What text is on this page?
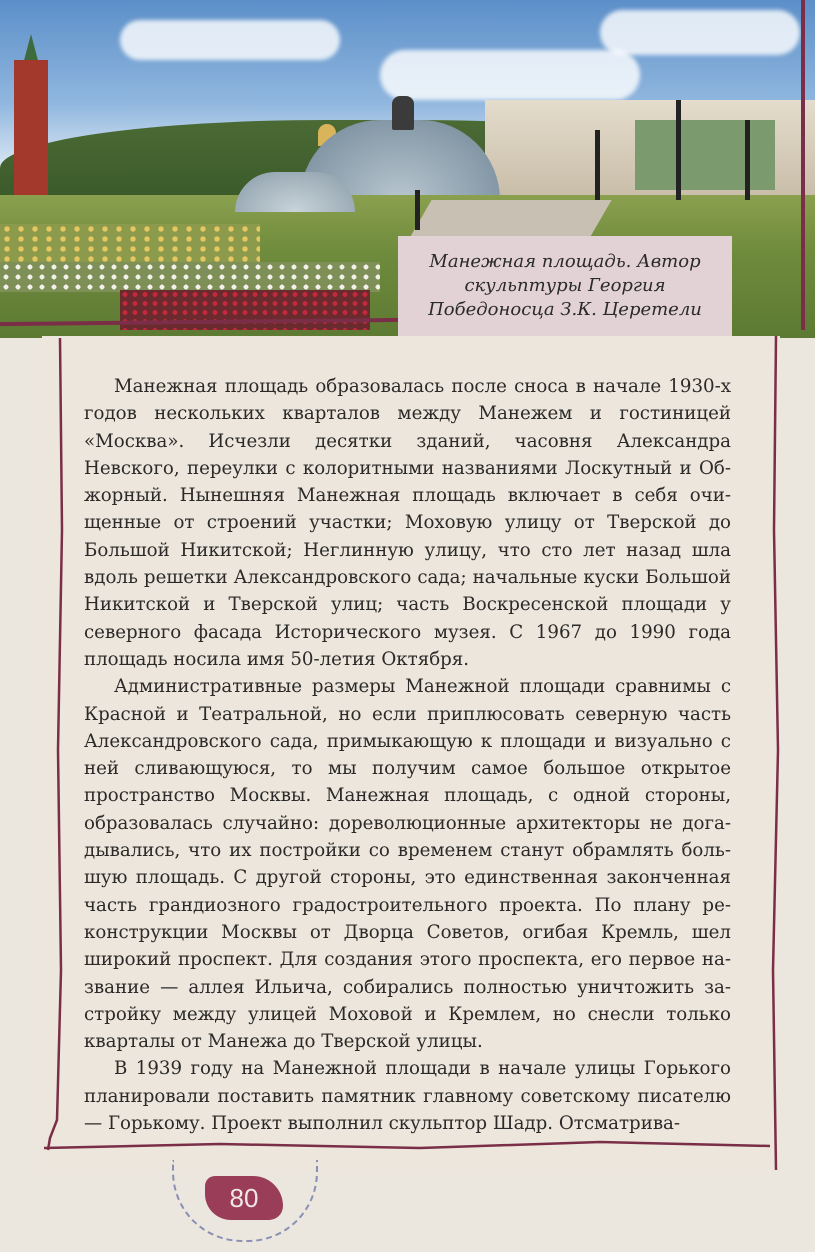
Манежная площадь. Автор
скульптуры Георгия
Победоносца З.К. Церетели

Манежная площадь образовалась после сноса в начале 1930-х годов нескольких кварталов между Манежем и гостиницей «Москва». Исчезли десятки зданий, часовня Александра Невского, переулки с колоритными названиями Лоскутный и Обжорный. Нынешняя Манежная площадь включает в себя очищенные от строений участки; Моховую улицу от Тверской до Большой Никитской; Неглинную улицу, что сто лет назад шла вдоль решетки Александровского сада; начальные куски Большой Никитской и Тверской улиц; часть Воскресенской площади у северного фасада Исторического музея. С 1967 до 1990 года площадь носила имя 50-летия Октября.

Административные размеры Манежной площади сравнимы с Красной и Театральной, но если приплюсовать северную часть Александровского сада, примыкающую к площади и визуально с ней сливающуюся, то мы получим самое большое открытое пространство Москвы. Манежная площадь, с одной стороны, образовалась случайно: дореволюционные архитекторы не догадывались, что их постройки со временем станут обрамлять большую площадь. С другой стороны, это единственная законченная часть грандиозного градостроительного проекта. По плану реконструкции Москвы от Дворца Советов, огибая Кремль, шел широкий проспект. Для создания этого проспекта, его первое название — аллея Ильича, собирались полностью уничтожить застройку между улицей Моховой и Кремлем, но снесли только кварталы от Манежа до Тверской улицы.

В 1939 году на Манежной площади в начале улицы Горького планировали поставить памятник главному советскому писателю — Горькому. Проект выполнил скульптор Шадр. Отсматрива-

80
